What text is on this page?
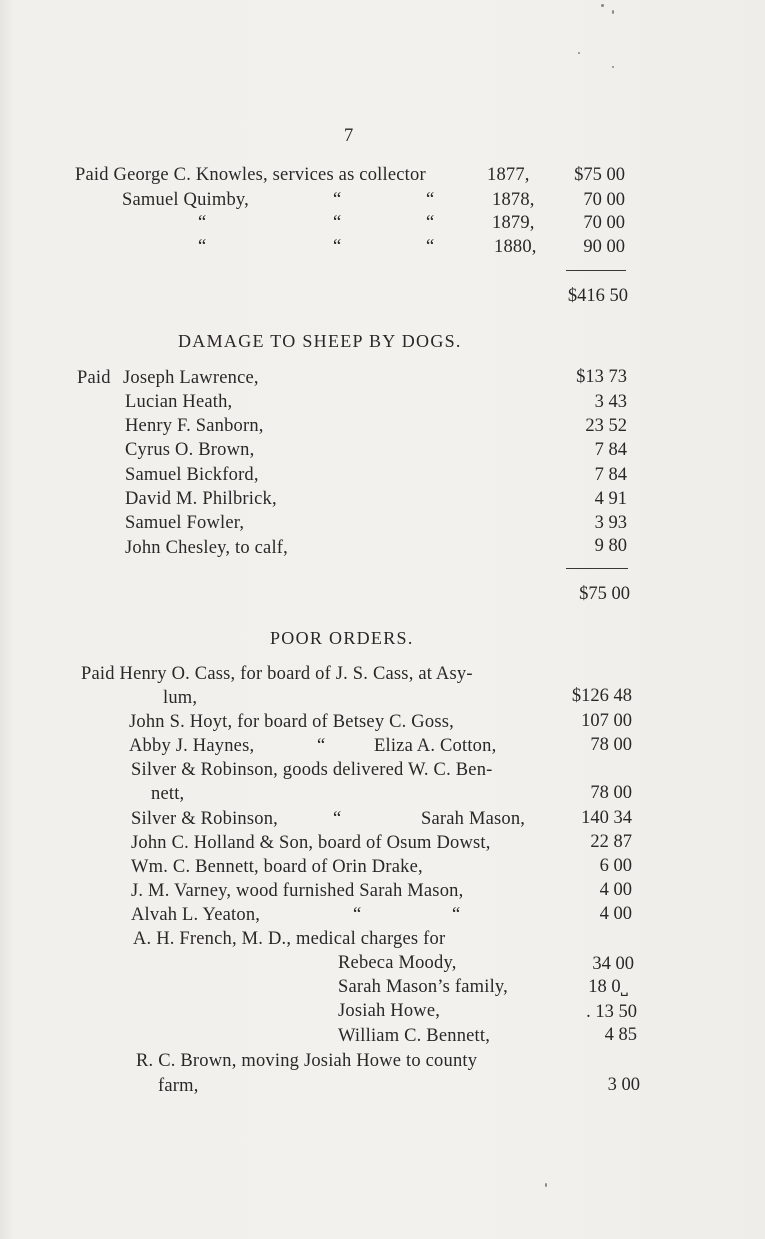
7
Paid George C. Knowles, services as collector	1877,	$75 00
Samuel Quimby,	“	“	1878,	70 00
“	“	“	1879,	70 00
“	“	“	1880,	90 00
$416 50
DAMAGE TO SHEEP BY DOGS.
Paid Joseph Lawrence,	$13 73
Lucian Heath,	3 43
Henry F. Sanborn,	23 52
Cyrus O. Brown,	7 84
Samuel Bickford,	7 84
David M. Philbrick,	4 91
Samuel Fowler,	3 93
John Chesley, to calf,	9 80
$75 00
POOR ORDERS.
Paid Henry O. Cass, for board of J. S. Cass, at Asy-
lum,	$126 48
John S. Hoyt, for board of Betsey C. Goss,	107 00
Abby J. Haynes,	“	Eliza A. Cotton,	78 00
Silver & Robinson, goods delivered W. C. Ben-
nett,	78 00
Silver & Robinson,	“	Sarah Mason,	140 34
John C. Holland & Son, board of Osum Dowst,	22 87
Wm. C. Bennett, board of Orin Drake,	6 00
J. M. Varney, wood furnished Sarah Mason,	4 00
Alvah L. Yeaton,	“	“	4 00
A. H. French, M. D., medical charges for
Rebeca Moody,	34 00
Sarah Mason’s family,	18 0˽
Josiah Howe,	. 13 50
William C. Bennett,	4 85
R. C. Brown, moving Josiah Howe to county
farm,	3 00
